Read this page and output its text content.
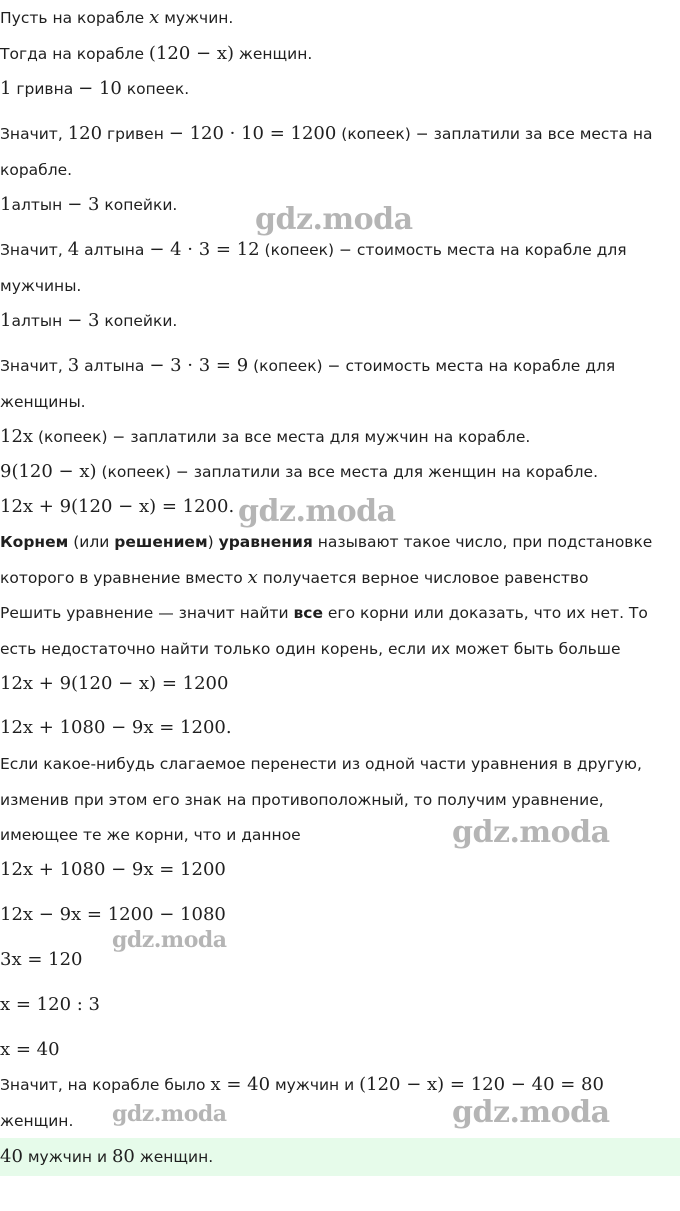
Пусть на корабле x мужчин.
Тогда на корабле (120 − x) женщин.
1 гривна − 10 копеек.
Значит, 120 гривен − 120 · 10 = 1200 (копеек) − заплатили за все места на
корабле.
1алтын − 3 копейки.
Значит, 4 алтына − 4 · 3 = 12 (копеек) − стоимость места на корабле для
мужчины.
1алтын − 3 копейки.
Значит, 3 алтына − 3 · 3 = 9 (копеек) − стоимость места на корабле для
женщины.
12x (копеек) − заплатили за все места для мужчин на корабле.
9(120 − x) (копеек) − заплатили за все места для женщин на корабле.
12x + 9(120 − x) = 1200.
Корнем (или решением) уравнения называют такое число, при подстановке
которого в уравнение вместо x получается верное числовое равенство
Решить уравнение — значит найти все его корни или доказать, что их нет. То
есть недостаточно найти только один корень, если их может быть больше
12x + 9(120 − x) = 1200
12x + 1080 − 9x = 1200.
Если какое-нибудь слагаемое перенести из одной части уравнения в другую,
изменив при этом его знак на противоположный, то получим уравнение,
имеющее те же корни, что и данное
12x + 1080 − 9x = 1200
12x − 9x = 1200 − 1080
3x = 120
x = 120 : 3
x = 40
Значит, на корабле было x = 40 мужчин и (120 − x) = 120 − 40 = 80
женщин.
40 мужчин и 80 женщин.
gdz.moda
gdz.moda
gdz.moda
gdz.moda
gdz.moda	gdz.moda
